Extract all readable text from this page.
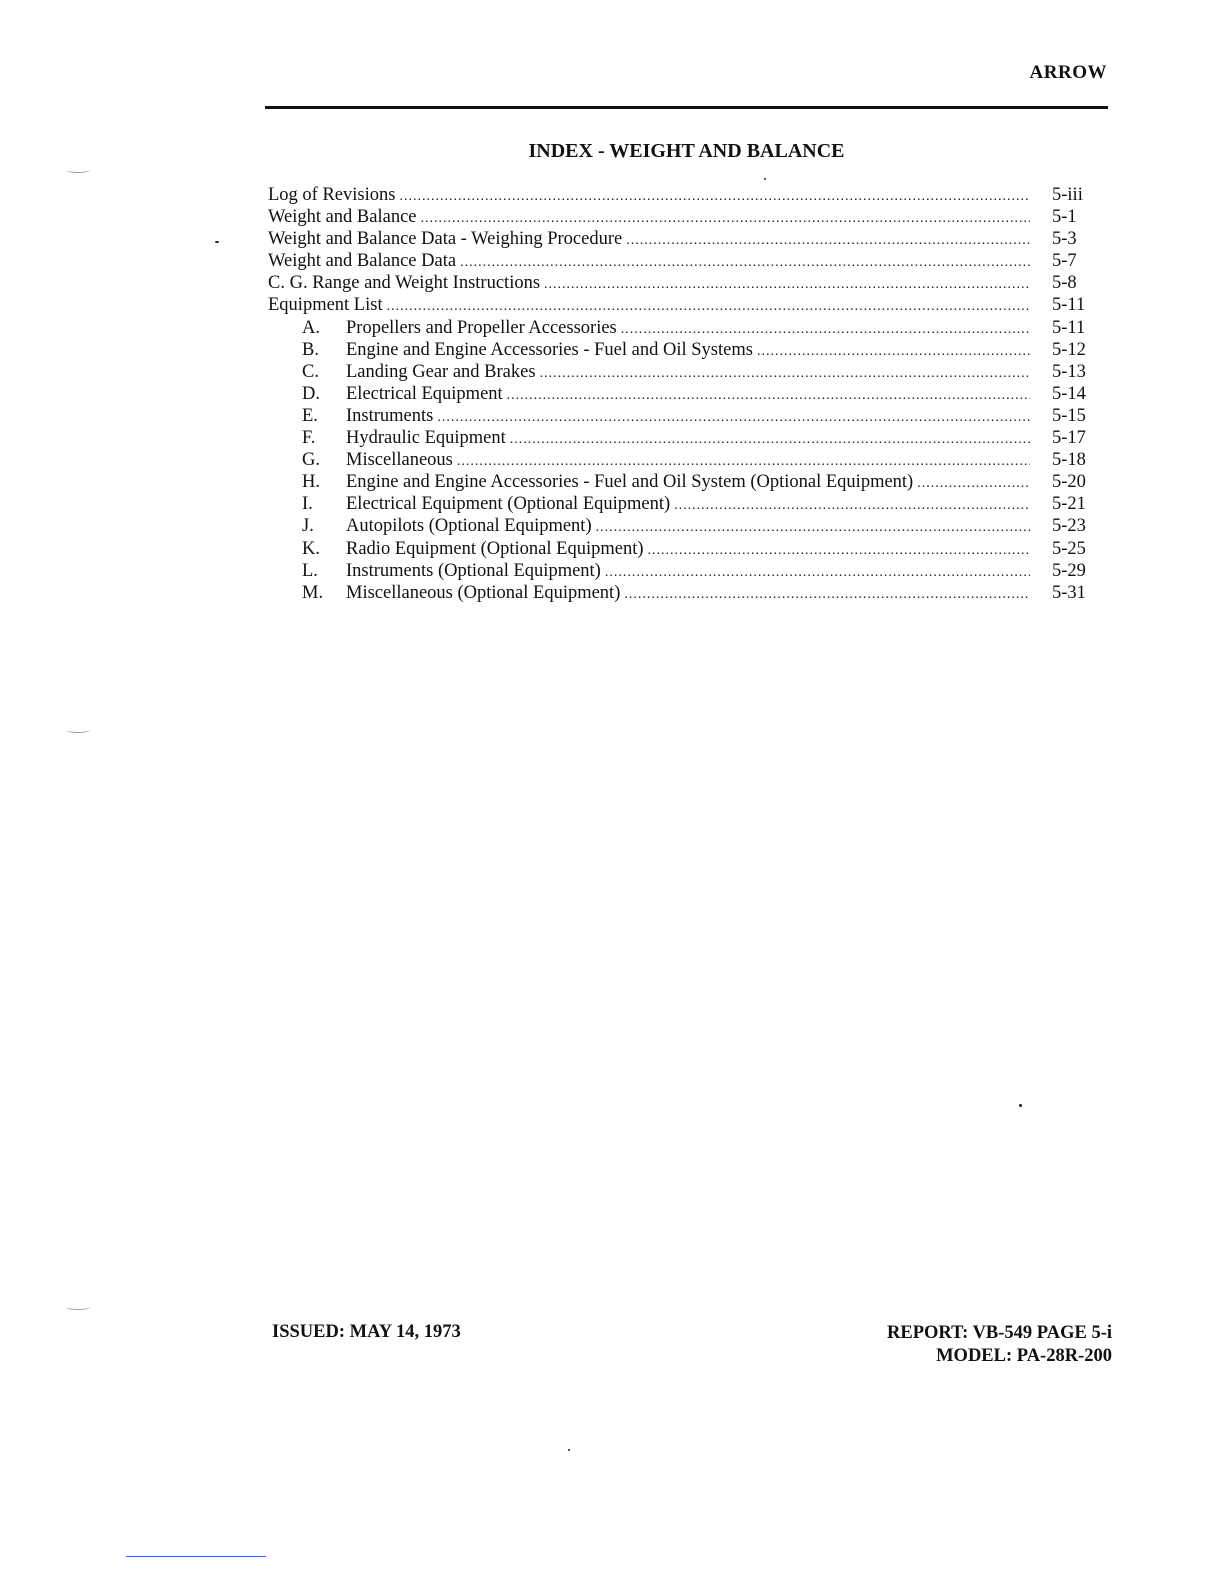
ARROW
INDEX - WEIGHT AND BALANCE
Log of Revisions .....	5-iii
Weight and Balance .....	5-1
Weight and Balance Data - Weighing Procedure .....	5-3
Weight and Balance Data .....	5-7
C. G. Range and Weight Instructions .....	5-8
Equipment List .....	5-11
A.	Propellers and Propeller Accessories .....	5-11
B.	Engine and Engine Accessories - Fuel and Oil Systems .....	5-12
C.	Landing Gear and Brakes .....	5-13
D.	Electrical Equipment .....	5-14
E.	Instruments .....	5-15
F.	Hydraulic Equipment .....	5-17
G.	Miscellaneous .....	5-18
H.	Engine and Engine Accessories - Fuel and Oil System (Optional Equipment) .....	5-20
I.	Electrical Equipment (Optional Equipment) .....	5-21
J.	Autopilots (Optional Equipment) .....	5-23
K.	Radio Equipment (Optional Equipment) .....	5-25
L.	Instruments (Optional Equipment) .....	5-29
M.	Miscellaneous (Optional Equipment) .....	5-31
ISSUED: MAY 14, 1973	REPORT: VB-549 PAGE 5-i
MODEL: PA-28R-200
